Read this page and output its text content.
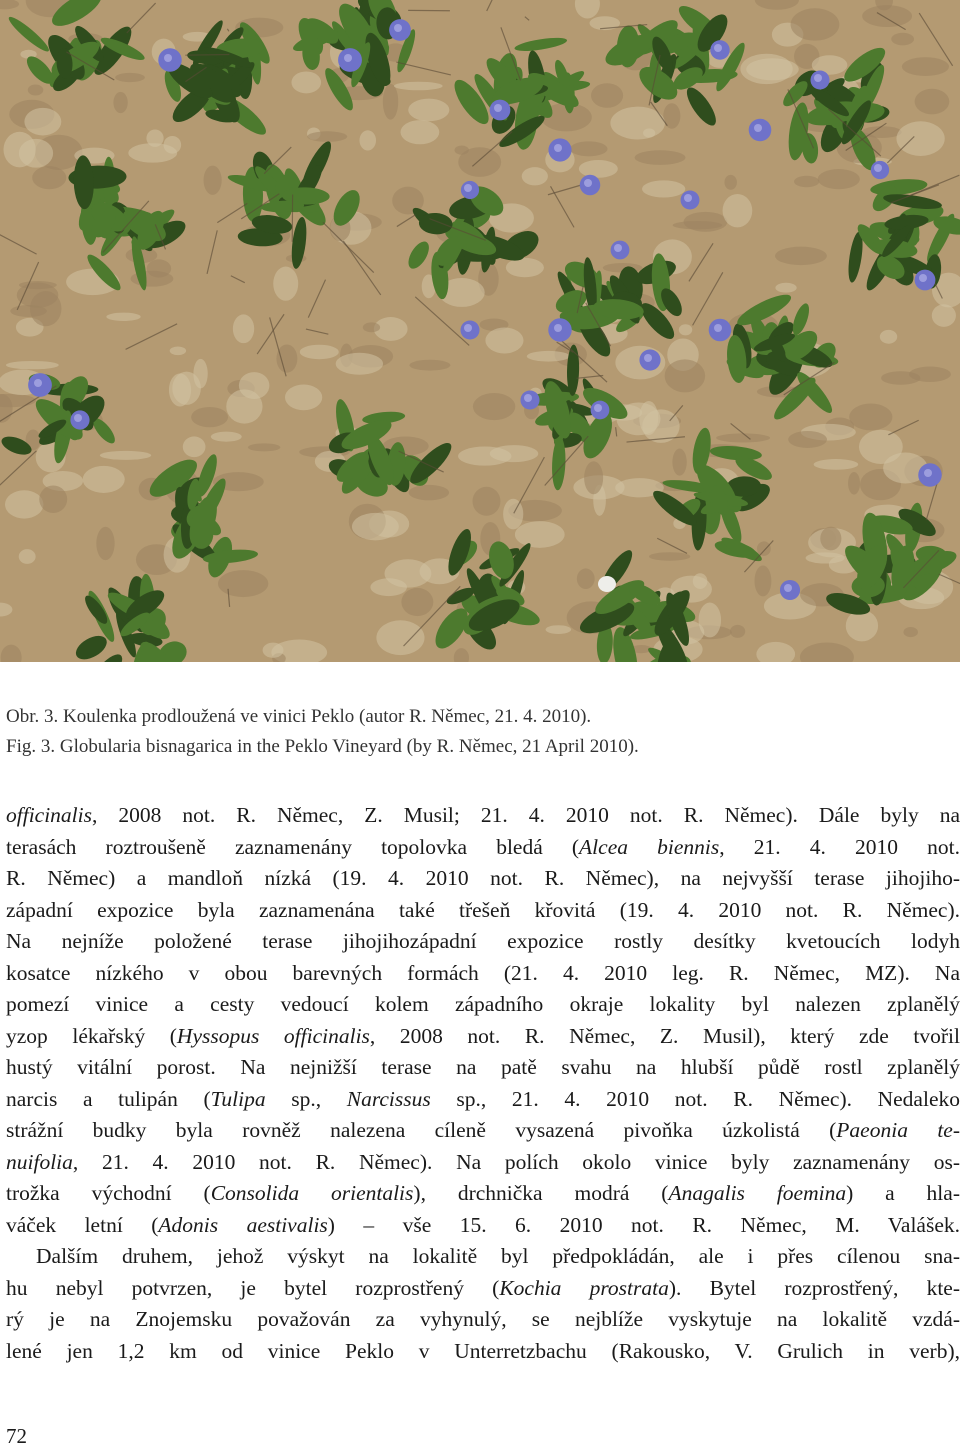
Obr. 3. Koulenka prodloužená ve vinici Peklo (autor R. Němec, 21. 4. 2010).
Fig. 3. Globularia bisnagarica in the Peklo Vineyard (by R. Němec, 21 April 2010).
officinalis, 2008 not. R. Němec, Z. Musil; 21. 4. 2010 not. R. Němec). Dále byly na
terasách roztroušeně zaznamenány topolovka bledá (Alcea biennis, 21. 4. 2010 not.
R. Němec) a mandloň nízká (19. 4. 2010 not. R. Němec), na nejvyšší terase jihojiho-
západní expozice byla zaznamenána také třešeň křovitá (19. 4. 2010 not. R. Němec).
Na nejníže položené terase jihojihozápadní expozice rostly desítky kvetoucích lodyh
kosatce nízkého v obou barevných formách (21. 4. 2010 leg. R. Němec, MZ). Na
pomezí vinice a cesty vedoucí kolem západního okraje lokality byl nalezen zplanělý
yzop lékařský (Hyssopus officinalis, 2008 not. R. Němec, Z. Musil), který zde tvořil
hustý vitální porost. Na nejnižší terase na patě svahu na hlubší půdě rostl zplanělý
narcis a tulipán (Tulipa sp., Narcissus sp., 21. 4. 2010 not. R. Němec). Nedaleko
strážní budky byla rovněž nalezena cíleně vysazená pivoňka úzkolistá (Paeonia te-
nuifolia, 21. 4. 2010 not. R. Němec). Na polích okolo vinice byly zaznamenány os-
trožka východní (Consolida orientalis), drchnička modrá (Anagalis foemina) a hla-
váček letní (Adonis aestivalis) – vše 15. 6. 2010 not. R. Němec, M. Valášek.
Dalším druhem, jehož výskyt na lokalitě byl předpokládán, ale i přes cílenou sna-
hu nebyl potvrzen, je bytel rozprostřený (Kochia prostrata). Bytel rozprostřený, kte-
rý je na Znojemsku považován za vyhynulý, se nejblíže vyskytuje na lokalitě vzdá-
lené jen 1,2 km od vinice Peklo v Unterretzbachu (Rakousko, V. Grulich in verb),
72
